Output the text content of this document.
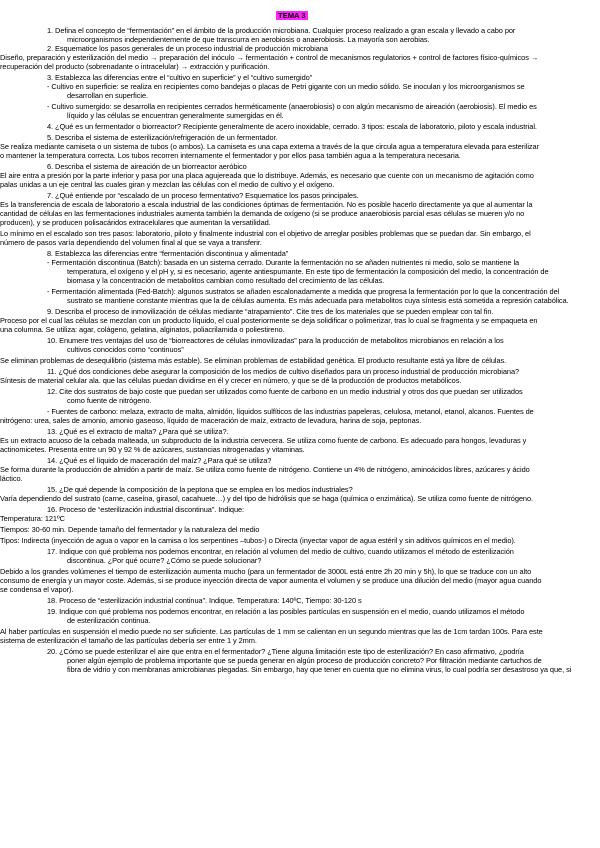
TEMA 3
1. Defina el concepto de “fermentación” en el ámbito de la producción microbiana. Cualquier proceso realizado a gran escala y llevado a cabo por
microorganismos independientemente de que transcurra en aerobiosis o anaerobiosis. La mayoría son aerobias.
2. Esquematice los pasos generales de un proceso industrial de producción microbiana
Diseño, preparación y esterilización del medio → preparación del inóculo → fermentación + control de mecanismos regulatorios + control de factores físico-químicos →
recuperación del producto (sobrenadante o intracelular) → extracción y purificación.
3. Establezca las diferencias entre el “cultivo en superficie” y el “cultivo sumergido”
- Cultivo en superficie: se realiza en recipientes como bandejas o placas de Petri gigante con un medio sólido. Se inoculan y los microorganismos se
desarrollan en superficie.
- Cultivo sumergido: se desarrolla en recipientes cerrados herméticamente (anaerobiosis) o con algún mecanismo de aireación (aerobiosis). El medio es
líquido y las células se encuentran generalmente sumergidas en él.
4. ¿Qué es un fermentador o biorreactor? Recipiente generalmente de acero inoxidable, cerrado. 3 tipos: escala de laboratorio, piloto y escala industrial.
5. Describa el sistema de esterilización/refrigeración de un fermentador.
Se realiza mediante camiseta o un sistema de tubos (o ambos). La camiseta es una capa externa a través de la que circula agua a temperatura elevada para esterilizar
o mantener la temperatura correcta. Los tubos recorren internamente el fermentador y por ellos pasa también agua a la temperatura necesaria.
6. Describa el sistema de aireación de un biorreactor aeróbico
El aire entra a presión por la parte inferior y pasa por una placa agujereada que lo distribuye. Además, es necesario que cuente con un mecanismo de agitación como
palas unidas a un eje central las cuales giran y mezclan las células con el medio de cultivo y el oxígeno.
7. ¿Qué entiende por “escalado de un proceso fermentativo? Esquematice los pasos principales.
Es la transferencia de escala de laboratorio a escala industrial de las condiciones óptimas de fermentación. No es posible hacerlo directamente ya que al aumentar la
cantidad de células en las fermentaciones industriales aumenta también la demanda de oxígeno (si se produce anaerobiosis parcial esas células se mueren y/o no
producen), y se producen polisacáridos extracelulares que aumentan la versatilidad.
Lo mínimo en el escalado son tres pasos: laboratorio, piloto y finalmente industrial con el objetivo de arreglar posibles problemas que se puedan dar. Sin embargo, el
número de pasos varía dependiendo del volumen final al que se vaya a transferir.
8. Establezca las diferencias entre “fermentación discontinua y alimentada”
- Fermentación discontinua (Batch): basada en un sistema cerrado. Durante la fermentación no se añaden nutrientes ni medio, solo se mantiene la
temperatura, el oxígeno y el pH y, si es necesario, agente antiespumante. En este tipo de fermentación la composición del medio, la concentración de
biomasa y la concentración de metabolitos cambian como resultado del crecimiento de las células.
- Fermentación alimentada (Fed-Batch): algunos sustratos se añaden escalonadamente a medida que progresa la fermentación por lo que la concentración del
sustrato se mantiene constante mientras que la de células aumenta. Es más adecuada para metabolitos cuya síntesis está sometida a represión catabólica.
9. Describa el proceso de inmovilización de células mediante “atrapamiento”. Cite tres de los materiales que se pueden emplear con tal fin.
Proceso por el cual las células se mezclan con un producto líquido, el cual posteriormente se deja solidificar o polimerizar, tras lo cual se fragmenta y se empaqueta en
una columna. Se utiliza: agar, colágeno, gelatina, alginatos, poliacrilamida o poliestireno.
10. Enumere tres ventajas del uso de “biorreactores de células inmovilizadas” para la producción de metabolitos microbianos en relación a los
cultivos conocidos como “continuos”
Se eliminan problemas de desequilibrio (sistema más estable). Se eliminan problemas de estabilidad genética. El producto resultante está ya libre de células.
11. ¿Qué dos condiciones debe asegurar la composición de los medios de cultivo diseñados para un proceso industrial de producción microbiana?
Síntesis de material celular ala. que las células puedan dividirse en él y crecer en número, y que se dé la producción de productos metabólicos.
12. Cite dos sustratos de bajo coste que puedan ser utilizados como fuente de carbono en un medio industrial y otros dos que puedan ser utilizados
como fuente de nitrógeno.
- Fuentes de carbono: melaza, extracto de malta, almidón, líquidos sulfíticos de las industrias papeleras, celulosa, metanol, etanol, alcanos. Fuentes de
nitrógeno: urea, sales de amonio, amonio gaseoso, líquido de maceración de maíz, extracto de levadura, harina de soja, peptonas.
13. ¿Qué es el extracto de malta? ¿Para qué se utiliza?.
Es un extracto acuoso de la cebada malteada, un subproducto de la industria cervecera. Se utiliza como fuente de carbono. Es adecuado para hongos, levaduras y
actinomicetes. Presenta entre un 90 y 92 % de azúcares, sustancias nitrogenadas y vitaminas.
14. ¿Qué es el líquido de maceración del maíz? ¿Para qué se utiliza?
Se forma durante la producción de almidón a partir de maíz. Se utiliza como fuente de nitrógeno. Contiene un 4% de nitrógeno, aminoácidos libres, azúcares y ácido
láctico.
15. ¿De qué depende la composición de la peptona que se emplea en los medios industriales?
Varía dependiendo del sustrato (carne, caseína, girasol, cacahuete…) y del tipo de hidrólisis que se haga (química o enzimática). Se utiliza como fuente de nitrógeno.
16. Proceso de “esterilización industrial discontinua”. Indique:
Temperatura: 121ºC
Tiempos: 30-60 min. Depende tamaño del fermentador y la naturaleza del medio
Tipos: Indirecta (inyección de agua o vapor en la camisa o los serpentines –tubos-) o Directa (inyectar vapor de agua estéril y sin aditivos químicos en el medio).
17. Indique con qué problema nos podemos encontrar, en relación al volumen del medio de cultivo, cuando utilizamos el método de esterilización
discontinua. ¿Por qué ocurre? ¿Cómo se puede solucionar?
Debido a los grandes volúmenes el tiempo de esterilización aumenta mucho (para un fermentador de 3000L está entre 2h 20 min y 5h), lo que se traduce con un alto
consumo de energía y un mayor coste. Además, si se produce inyección directa de vapor aumenta el volumen y se produce una dilución del medio (mayor agua cuando
se condensa el vapor).
18. Proceso de “esterilización industrial continua”. Indique. Temperatura: 140ºC, Tiempo: 30-120 s
19. Indique con qué problema nos podemos encontrar, en relación a las posibles partículas en suspensión en el medio, cuando utilizamos el método
de esterilización continua.
Al haber partículas en suspensión el medio puede no ser suficiente. Las partículas de 1 mm se calientan en un segundo mientras que las de 1cm tardan 100s. Para este
sistema de esterilización el tamaño de las partículas debería ser entre 1 y 2mm.
20. ¿Cómo se puede esterilizar el aire que entra en el fermentador? ¿Tiene alguna limitación este tipo de esterilización? En caso afirmativo, ¿podría
poner algún ejemplo de problema importante que se pueda generar en algún proceso de producción concreto? Por filtración mediante cartuchos de
fibra de vidrio y con membranas amicrobianas plegadas. Sin embargo, hay que tener en cuenta que no elimina virus, lo cual podría ser desastroso ya que, si
